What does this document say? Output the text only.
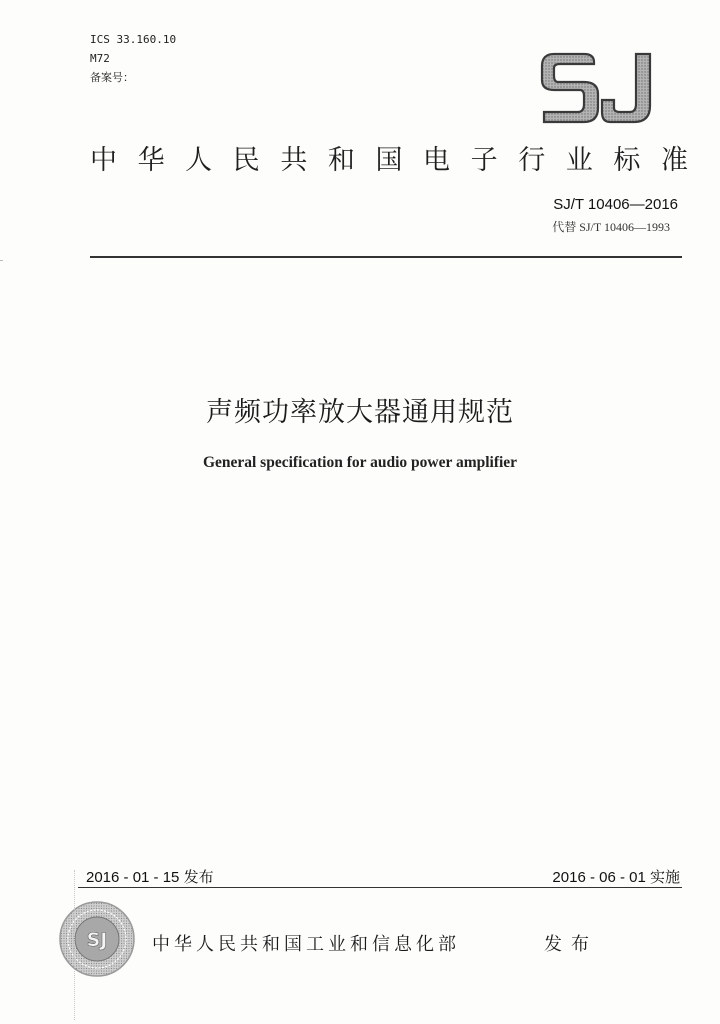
ICS 33.160.10
M72
备案号：
中 华 人 民 共 和 国 电 子 行 业 标 准
SJ/T 10406—2016
代替 SJ/T 10406—1993
声频功率放大器通用规范
General specification for audio power amplifier
2016 - 01 - 15 发布	2016 - 06 - 01 实施
SJ 中华人民共和国工业和信息化部	发布
